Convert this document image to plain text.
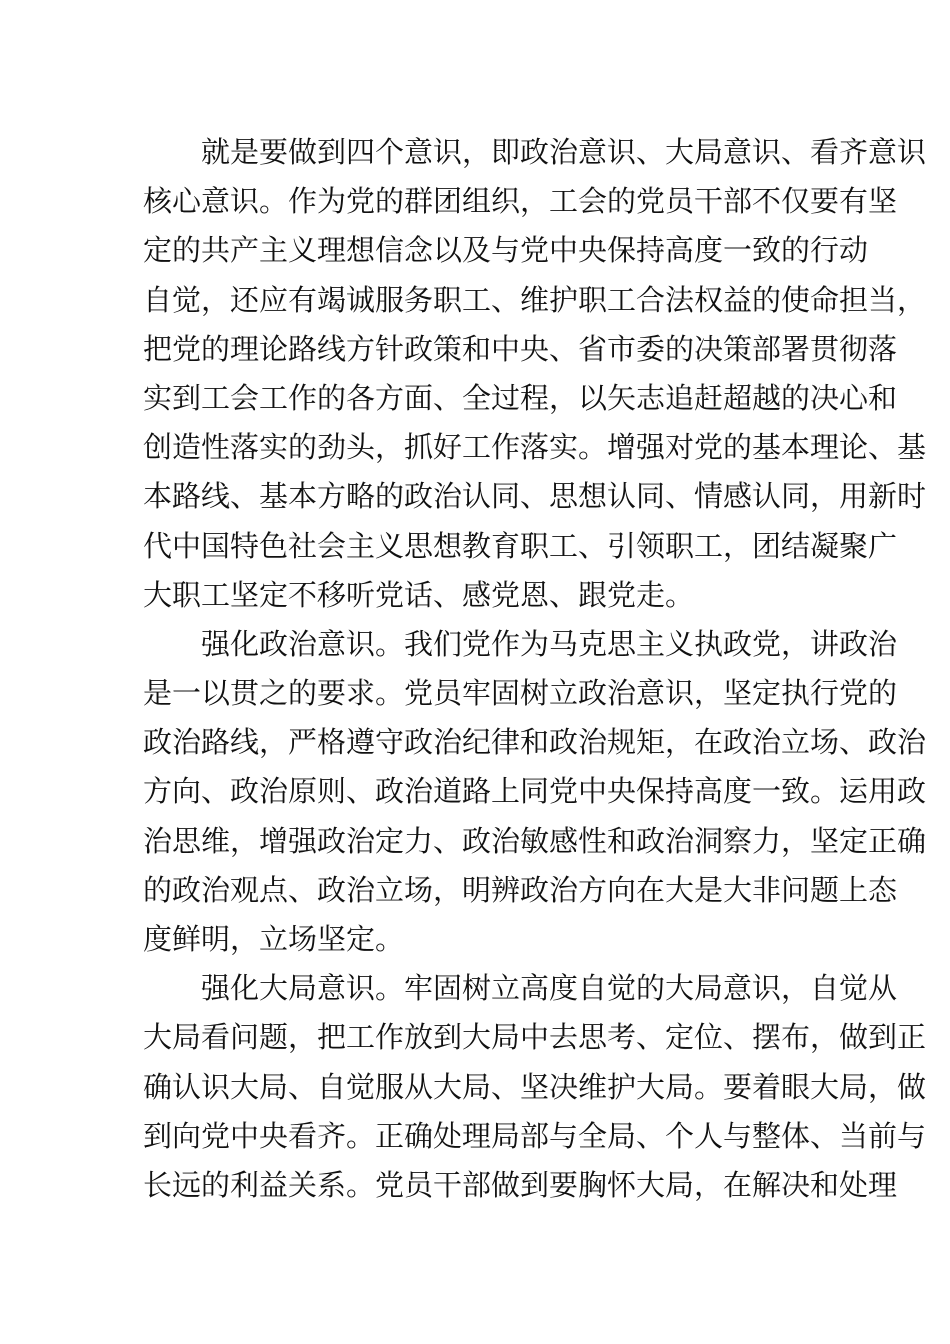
就是要做到四个意识，即政治意识、大局意识、看齐意识
核心意识。作为党的群团组织，工会的党员干部不仅要有坚
定的共产主义理想信念以及与党中央保持高度一致的行动
自觉，还应有竭诚服务职工、维护职工合法权益的使命担当，
把党的理论路线方针政策和中央、省市委的决策部署贯彻落
实到工会工作的各方面、全过程，以矢志追赶超越的决心和
创造性落实的劲头，抓好工作落实。增强对党的基本理论、基
本路线、基本方略的政治认同、思想认同、情感认同，用新时
代中国特色社会主义思想教育职工、引领职工，团结凝聚广
大职工坚定不移听党话、感党恩、跟党走。
强化政治意识。我们党作为马克思主义执政党，讲政治
是一以贯之的要求。党员牢固树立政治意识，坚定执行党的
政治路线，严格遵守政治纪律和政治规矩，在政治立场、政治
方向、政治原则、政治道路上同党中央保持高度一致。运用政
治思维，增强政治定力、政治敏感性和政治洞察力，坚定正确
的政治观点、政治立场，明辨政治方向在大是大非问题上态
度鲜明，立场坚定。
强化大局意识。牢固树立高度自觉的大局意识，自觉从
大局看问题，把工作放到大局中去思考、定位、摆布，做到正
确认识大局、自觉服从大局、坚决维护大局。要着眼大局，做
到向党中央看齐。正确处理局部与全局、个人与整体、当前与
长远的利益关系。党员干部做到要胸怀大局，在解决和处理
